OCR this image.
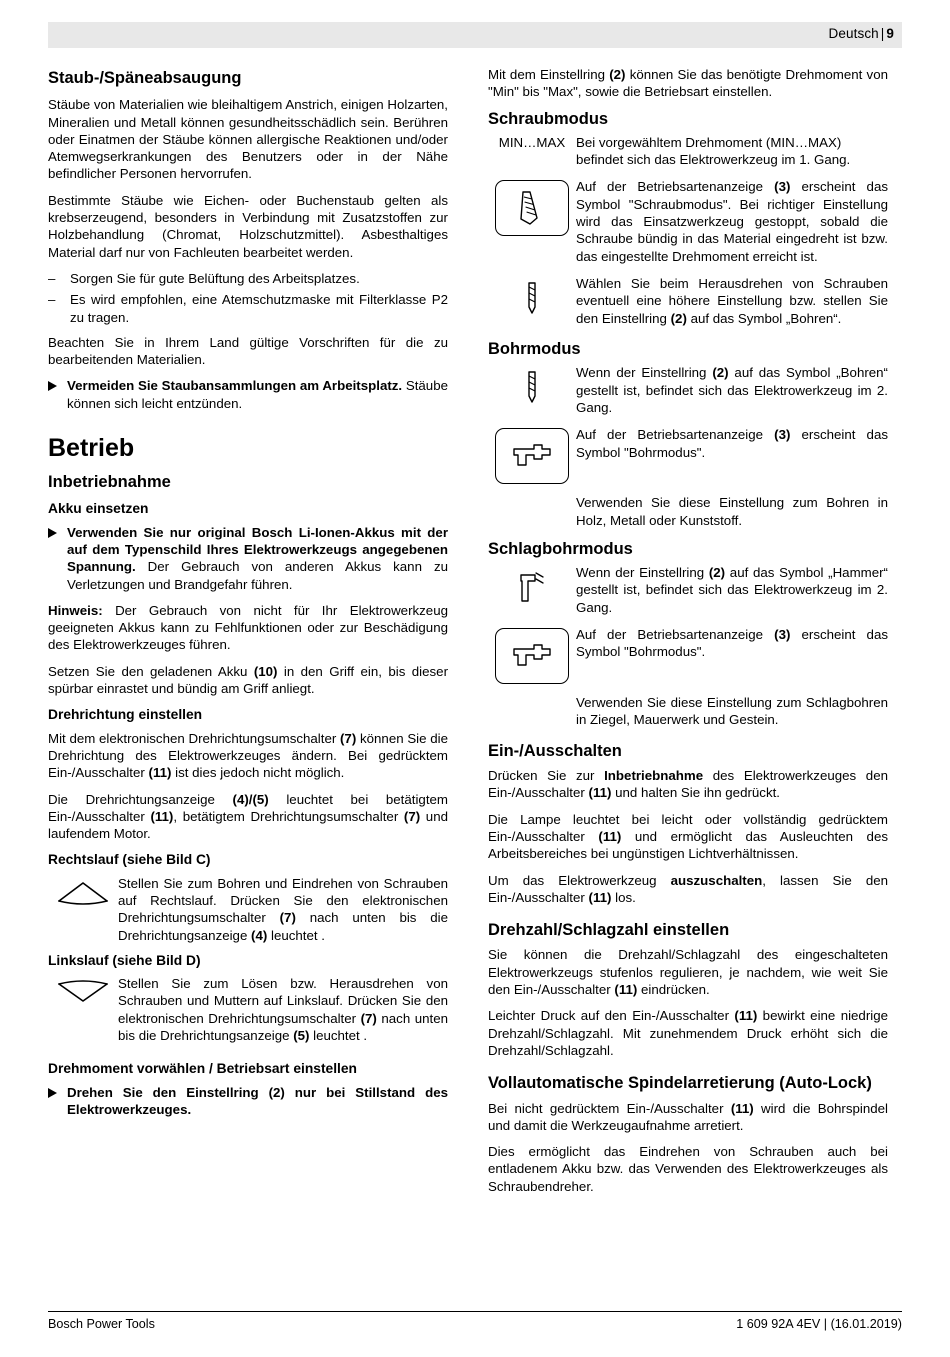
Deutsch | 9
Staub-/Späneabsaugung

Stäube von Materialien wie bleihaltigem Anstrich, einigen Holzarten, Mineralien und Metall können gesundheitsschädlich sein. Berühren oder Einatmen der Stäube können allergische Reaktionen und/oder Atemwegserkrankungen des Benutzers oder in der Nähe befindlicher Personen hervorrufen.

Bestimmte Stäube wie Eichen- oder Buchenstaub gelten als krebserzeugend, besonders in Verbindung mit Zusatzstoffen zur Holzbehandlung (Chromat, Holzschutzmittel). Asbesthaltiges Material darf nur von Fachleuten bearbeitet werden.

–	Sorgen Sie für gute Belüftung des Arbeitsplatzes.
–	Es wird empfohlen, eine Atemschutzmaske mit Filterklasse P2 zu tragen.

Beachten Sie in Ihrem Land gültige Vorschriften für die zu bearbeitenden Materialien.

Vermeiden Sie Staubansammlungen am Arbeitsplatz. Stäube können sich leicht entzünden.
Betrieb
Inbetriebnahme
Akku einsetzen
Verwenden Sie nur original Bosch Li-Ionen-Akkus mit der auf dem Typenschild Ihres Elektrowerkzeugs angegebenen Spannung. Der Gebrauch von anderen Akkus kann zu Verletzungen und Brandgefahr führen.

Hinweis: Der Gebrauch von nicht für Ihr Elektrowerkzeug geeigneten Akkus kann zu Fehlfunktionen oder zur Beschädigung des Elektrowerkzeuges führen.

Setzen Sie den geladenen Akku (10) in den Griff ein, bis dieser spürbar einrastet und bündig am Griff anliegt.

Drehrichtung einstellen

Mit dem elektronischen Drehrichtungsumschalter (7) können Sie die Drehrichtung des Elektrowerkzeuges ändern. Bei gedrücktem Ein-/Ausschalter (11) ist dies jedoch nicht möglich.

Die Drehrichtungsanzeige (4)/(5) leuchtet bei betätigtem Ein-/Ausschalter (11), betätigtem Drehrichtungsumschalter (7) und laufendem Motor.

Rechtslauf (siehe Bild C)
Stellen Sie zum Bohren und Eindrehen von Schrauben auf Rechtslauf. Drücken Sie den elektronischen Drehrichtungsumschalter (7) nach unten bis die Drehrichtungsanzeige (4) leuchtet .
Linkslauf (siehe Bild D)
Stellen Sie zum Lösen bzw. Herausdrehen von Schrauben und Muttern auf Linkslauf. Drücken Sie den elektronischen Drehrichtungsumschalter (7) nach unten bis die Drehrichtungsanzeige (5) leuchtet .
Drehmoment vorwählen / Betriebsart einstellen
Drehen Sie den Einstellring (2) nur bei Stillstand des Elektrowerkzeuges.

Mit dem Einstellring (2) können Sie das benötigte Drehmoment von "Min" bis "Max", sowie die Betriebsart einstellen.

Schraubmodus
MIN…MAX Bei vorgewähltem Drehmoment (MIN…MAX) befindet sich das Elektrowerkzeug im 1. Gang.
Auf der Betriebsartenanzeige (3) erscheint das Symbol "Schraubmodus". Bei richtiger Einstellung wird das Einsatzwerkzeug gestoppt, sobald die Schraube bündig in das Material eingedreht ist bzw. das eingestellte Drehmoment erreicht ist.
Wählen Sie beim Herausdrehen von Schrauben eventuell eine höhere Einstellung bzw. stellen Sie den Einstellring (2) auf das Symbol „Bohren“.
Bohrmodus
Wenn der Einstellring (2) auf das Symbol „Bohren“ gestellt ist, befindet sich das Elektrowerkzeug im 2. Gang.
Auf der Betriebsartenanzeige (3) erscheint das Symbol "Bohrmodus".
Verwenden Sie diese Einstellung zum Bohren in Holz, Metall oder Kunststoff.
Schlagbohrmodus
Wenn der Einstellring (2) auf das Symbol „Hammer“ gestellt ist, befindet sich das Elektrowerkzeug im 2. Gang.
Auf der Betriebsartenanzeige (3) erscheint das Symbol "Bohrmodus".
Verwenden Sie diese Einstellung zum Schlagbohren in Ziegel, Mauerwerk und Gestein.
Ein-/Ausschalten

Drücken Sie zur Inbetriebnahme des Elektrowerkzeuges den Ein-/Ausschalter (11) und halten Sie ihn gedrückt.

Die Lampe leuchtet bei leicht oder vollständig gedrücktem Ein-/Ausschalter (11) und ermöglicht das Ausleuchten des Arbeitsbereiches bei ungünstigen Lichtverhältnissen.

Um das Elektrowerkzeug auszuschalten, lassen Sie den Ein-/Ausschalter (11) los.

Drehzahl/Schlagzahl einstellen

Sie können die Drehzahl/Schlagzahl des eingeschalteten Elektrowerkzeugs stufenlos regulieren, je nachdem, wie weit Sie den Ein-/Ausschalter (11) eindrücken.

Leichter Druck auf den Ein-/Ausschalter (11) bewirkt eine niedrige Drehzahl/Schlagzahl. Mit zunehmendem Druck erhöht sich die Drehzahl/Schlagzahl.

Vollautomatische Spindelarretierung (Auto-Lock)

Bei nicht gedrücktem Ein-/Ausschalter (11) wird die Bohrspindel und damit die Werkzeugaufnahme arretiert.

Dies ermöglicht das Eindrehen von Schrauben auch bei entladenem Akku bzw. das Verwenden des Elektrowerkzeuges als Schraubendreher.

Bosch Power Tools	1 609 92A 4EV | (16.01.2019)
